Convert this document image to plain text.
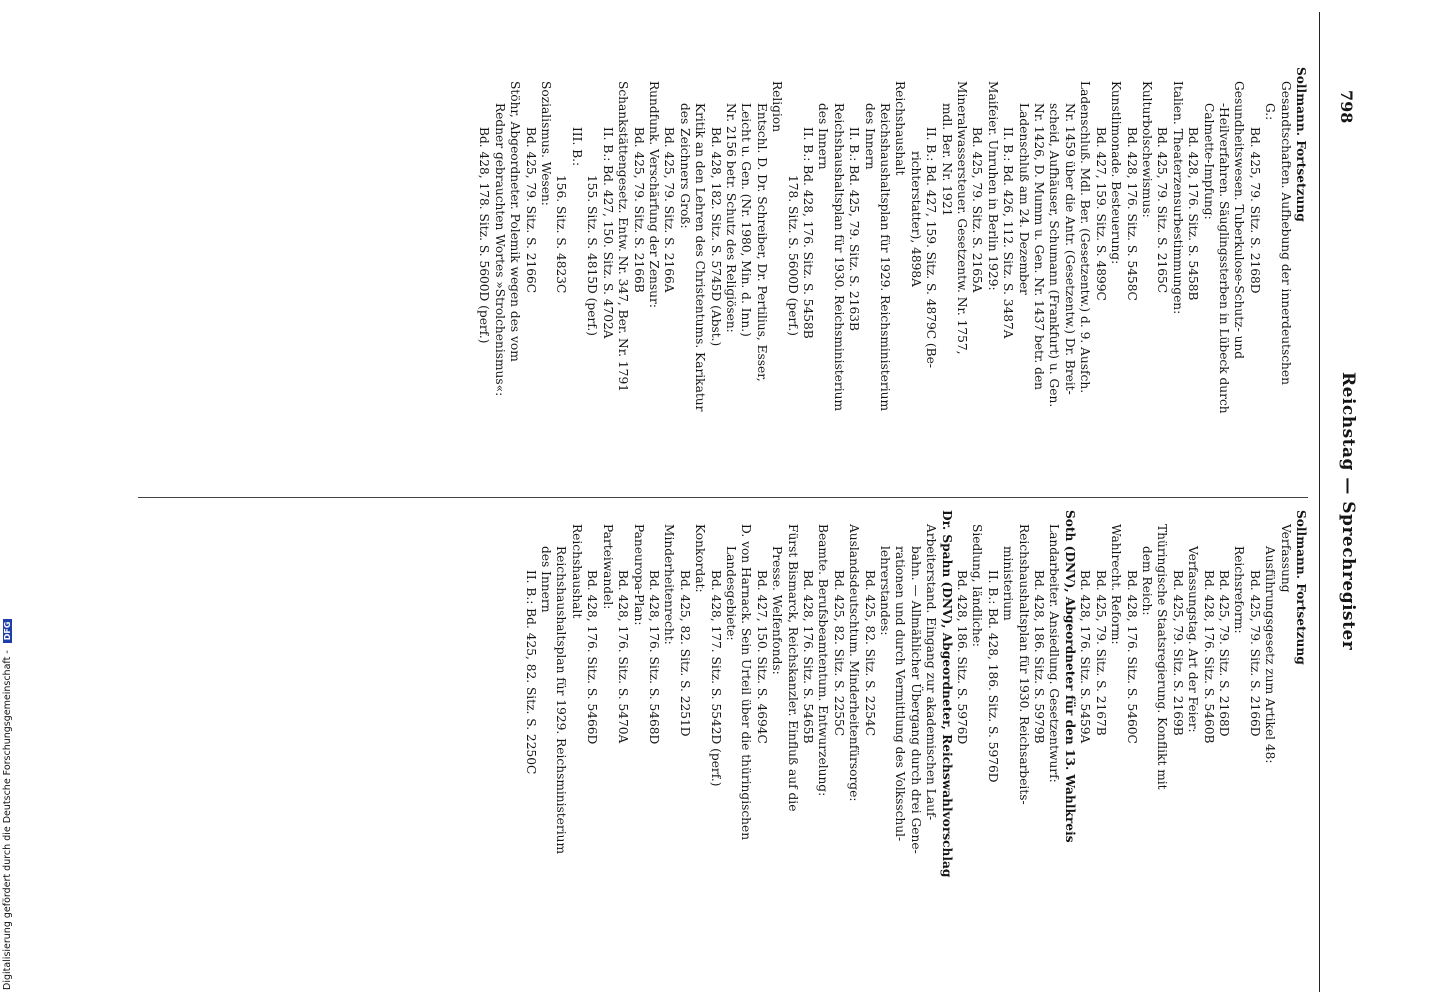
798
Reichstag — Sprechregister
Sollmann. Fortsetzung
Gesandtschaften. Aufhebung der innerdeutschen
G.:
Bd. 425, 79. Sitz. S. 2168D
Gesundheitswesen. Tuberkulose-Schutz- und
-Heilverfahren. Säuglingssterben in Lübeck durch
Calmette-Impfung:
Bd. 428, 176. Sitz. S. 5458B
Italien. Theaterzensurbestimmungen:
Bd. 425, 79. Sitz. S. 2165C
Kulturbolschewismus:
Bd. 428, 176. Sitz. S. 5458C
Kunstlimonade. Besteuerung:
Bd. 427, 159. Sitz. S. 4899C
Ladenschluß. Mdl. Ber. (Gesetzentw.) d. 9. Ausfch.
Nr. 1459 über die Antr. (Gesetzentw.) Dr. Breit-
scheid, Aufhäuser, Schumann (Frankfurt) u. Gen.
Nr. 1426, D. Mumm u. Gen. Nr. 1437 betr. den
Ladenschluß am 24. Dezember
II. B.: Bd. 426, 112. Sitz. S. 3487A
Maifeier. Unruhen in Berlin 1929:
Bd. 425, 79. Sitz. S. 2165A
Mineralwassersteuer. Gesetzentw. Nr. 1757,
mdl. Ber. Nr. 1921
II. B.: Bd. 427, 159. Sitz. S. 4879C (Be-
richterstatter), 4898A
Reichshaushalt
Reichshaushaltsplan für 1929. Reichsministerium
des Innern
II. B.: Bd. 425, 79. Sitz. S. 2163B
Reichshaushaltsplan für 1930. Reichsministerium
des Innern
II. B.: Bd. 428, 176. Sitz. S. 5458B
178. Sitz. S. 5600D (perf.)
Religion
Entschl. D. Dr. Schreiber, Dr. Pertilius, Esser,
Leicht u. Gen. (Nr. 1980, Min. d. Inn.)
Nr. 2156 betr. Schutz des Religiösen:
Bd. 428, 182. Sitz. S. 5745D (Abst.)
Kritik an den Lehren des Christentums. Karikatur
des Zeichners Groß:
Bd. 425, 79. Sitz. S. 2166A
Rundfunk. Verschärfung der Zensur:
Bd. 425, 79. Sitz. S. 2166B
Schankstättengesetz. Entw. Nr. 347, Ber. Nr. 1791
II. B.: Bd. 427, 150. Sitz. S. 4702A
155. Sitz. S. 4815D (perf.)
III. B.:
156. Sitz. S. 4823C
Sozialismus. Wesen:
Bd. 425, 79. Sitz. S. 2166C
Stöhr, Abgeordneter. Polemik wegen des vom
Redner gebrauchten Wortes »Strolchenismus«:
Bd. 428, 178. Sitz. S. 5600D (perf.)
Sollmann. Fortsetzung
Verfassung
Ausführungsgesetz zum Artikel 48:
Bd. 425, 79. Sitz. S. 2166D
Reichsreform:
Bd. 425, 79. Sitz. S. 2168D
Bd. 428, 176. Sitz. S. 5460B
Verfassungstag. Art der Feier:
Bd. 425, 79. Sitz. S. 2169B
Thüringische Staatsregierung. Konflikt mit
dem Reich:
Bd. 428, 176. Sitz. S. 5460C
Wahlrecht. Reform:
Bd. 425, 79. Sitz. S. 2167B
Bd. 428, 176. Sitz. S. 5459A
Soth (DNV), Abgeordneter für den 13. Wahlkreis
Landarbeiter. Ansiedlung. Gesetzentwurf:
Bd. 428, 186. Sitz. S. 5979B
Reichshaushaltsplan für 1930. Reichsarbeits-
ministerium
II. B.: Bd. 428, 186. Sitz. S. 5976D
Siedlung, ländliche:
Bd. 428, 186. Sitz. S. 5976D
Dr. Spahn (DNV), Abgeordneter, Reichswahlvorschlag
Arbeiterstand. Eingang zur akademischen Lauf-
bahn. — Allmählicher Übergang durch drei Gene-
rationen und durch Vermittlung des Volksschul-
lehrerstandes:
Bd. 425, 82. Sitz. S. 2254C
Auslandsdeutschtum. Minderheitenfürsorge:
Bd. 425, 82. Sitz. S. 2255C
Beamte. Berufsbeamtentum. Entwurzelung:
Bd. 428, 176. Sitz. S. 5465B
Fürst Bismarck, Reichskanzler. Einfluß auf die
Presse. Welfenfonds:
Bd. 427, 150. Sitz. S. 4694C
D. von Harnack. Sein Urteil über die thüringischen
Landesgebiete:
Bd. 428, 177. Sitz. S. 5542D (perf.)
Konkordat:
Bd. 425, 82. Sitz. S. 2251D
Minderheitenrecht:
Bd. 428, 176. Sitz. S. 5468D
Paneuropa-Plan:
Bd. 428, 176. Sitz. S. 5470A
Parteiwandel:
Bd. 428, 176. Sitz. S. 5466D
Reichshaushalt
Reichshaushaltsplan für 1929. Reichsministerium
des Innern
II. B.: Bd. 425, 82. Sitz. S. 2250C
Digitalisierung gefördert durch die Deutsche Forschungsgemeinschaft - DFG
